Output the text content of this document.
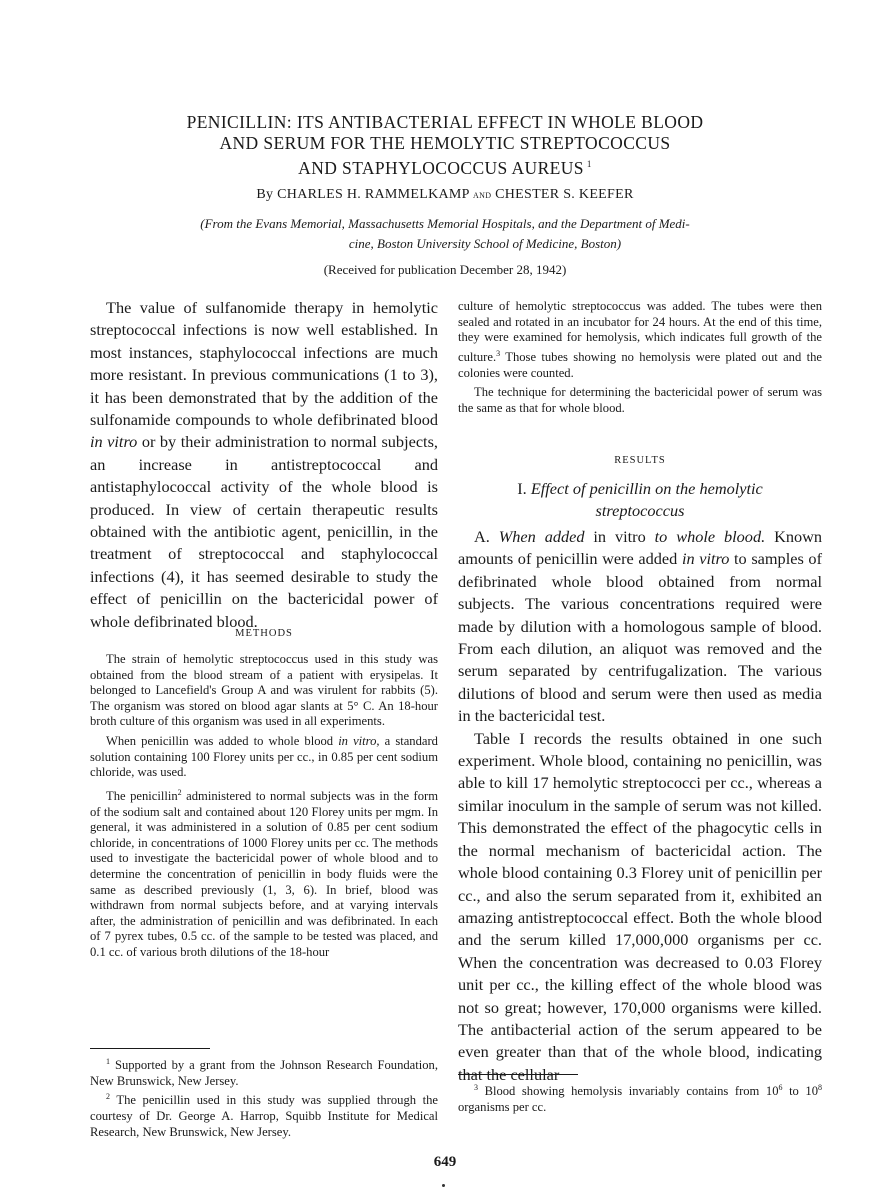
PENICILLIN: ITS ANTIBACTERIAL EFFECT IN WHOLE BLOOD
AND SERUM FOR THE HEMOLYTIC STREPTOCOCCUS
AND STAPHYLOCOCCUS AUREUS $^1$
By CHARLES H. RAMMELKAMP and CHESTER S. KEEFER
(From the Evans Memorial, Massachusetts Memorial Hospitals, and the Department of Medi-
cine, Boston University School of Medicine, Boston)
(Received for publication December 28, 1942)

The value of sulfanomide therapy in hemolytic streptococcal infections is now well established. In most instances, staphylococcal infections are much more resistant. In previous communications (1 to 3), it has been demonstrated that by the addition of the sulfonamide compounds to whole defibrinated blood in vitro or by their administration to normal subjects, an increase in antistreptococcal and antistaphylococcal activity of the whole blood is produced. In view of certain therapeutic results obtained with the antibiotic agent, penicillin, in the treatment of streptococcal and staphylococcal infections (4), it has seemed desirable to study the effect of penicillin on the bactericidal power of whole defibrinated blood.

METHODS

The strain of hemolytic streptococcus used in this study was obtained from the blood stream of a patient with erysipelas. It belonged to Lancefield's Group A and was virulent for rabbits (5). The organism was stored on blood agar slants at 5° C. An 18-hour broth culture of this organism was used in all experiments.

When penicillin was added to whole blood in vitro, a standard solution containing 100 Florey units per cc., in 0.85 per cent sodium chloride, was used.

The penicillin$^2$ administered to normal subjects was in the form of the sodium salt and contained about 120 Florey units per mgm. In general, it was administered in a solution of 0.85 per cent sodium chloride, in concentrations of 1000 Florey units per cc. The methods used to investigate the bactericidal power of whole blood and to determine the concentration of penicillin in body fluids were the same as described previously (1, 3, 6). In brief, blood was withdrawn from normal subjects before, and at varying intervals after, the administration of penicillin and was defibrinated. In each of 7 pyrex tubes, 0.5 cc. of the sample to be tested was placed, and 0.1 cc. of various broth dilutions of the 18-hour

$^1$ Supported by a grant from the Johnson Research Foundation, New Brunswick, New Jersey.

$^2$ The penicillin used in this study was supplied through the courtesy of Dr. George A. Harrop, Squibb Institute for Medical Research, New Brunswick, New Jersey.

culture of hemolytic streptococcus was added. The tubes were then sealed and rotated in an incubator for 24 hours. At the end of this time, they were examined for hemolysis, which indicates full growth of the culture.$^3$ Those tubes showing no hemolysis were plated out and the colonies were counted.

The technique for determining the bactericidal power of serum was the same as that for whole blood.

RESULTS
I. Effect of penicillin on the hemolytic streptococcus

A. When added in vitro to whole blood. Known amounts of penicillin were added in vitro to samples of defibrinated whole blood obtained from normal subjects. The various concentrations required were made by dilution with a homologous sample of blood. From each dilution, an aliquot was removed and the serum separated by centrifugalization. The various dilutions of blood and serum were then used as media in the bactericidal test.

Table I records the results obtained in one such experiment. Whole blood, containing no penicillin, was able to kill 17 hemolytic streptococci per cc., whereas a similar inoculum in the sample of serum was not killed. This demonstrated the effect of the phagocytic cells in the normal mechanism of bactericidal action. The whole blood containing 0.3 Florey unit of penicillin per cc., and also the serum separated from it, exhibited an amazing antistreptococcal effect. Both the whole blood and the serum killed 17,000,000 organisms per cc. When the concentration was decreased to 0.03 Florey unit per cc., the killing effect of the whole blood was not so great; however, 170,000 organisms were killed. The antibacterial action of the serum appeared to be even greater than that of the whole blood, indicating that the cellular

$^3$ Blood showing hemolysis invariably contains from $10^6$ to $10^8$ organisms per cc.

649
